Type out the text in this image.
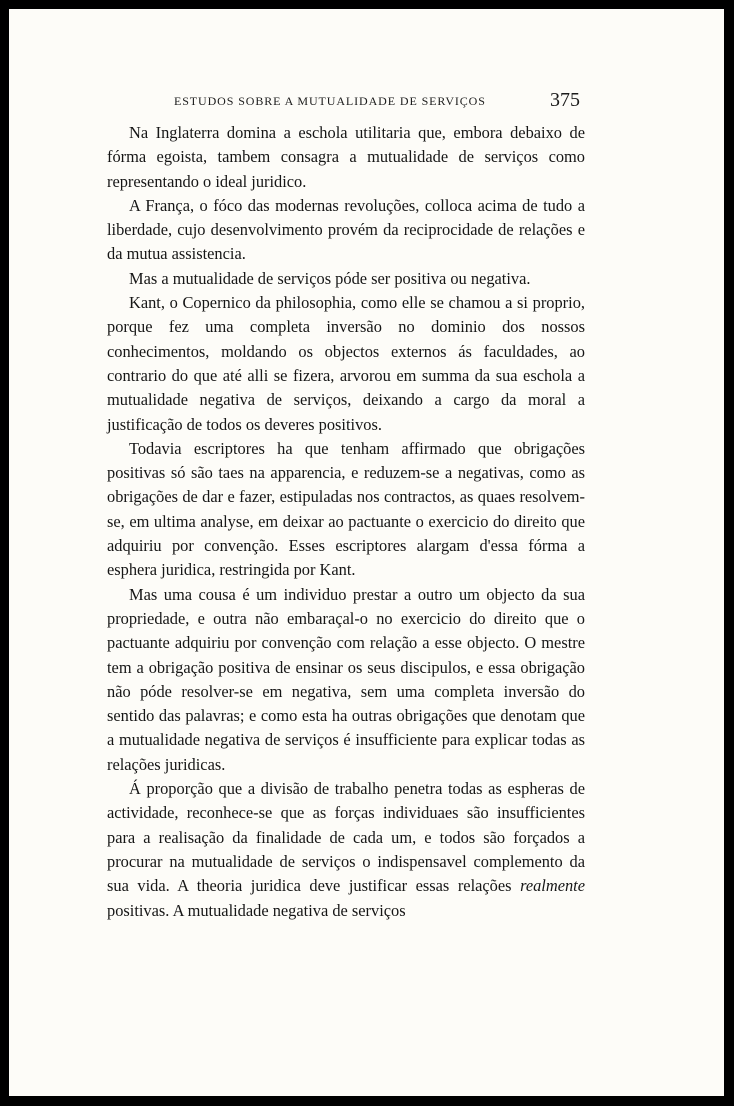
ESTUDOS SOBRE A MUTUALIDADE DE SERVIÇOS	375

Na Inglaterra domina a eschola utilitaria que, embora debaixo de fórma egoista, tambem consagra a mutualidade de serviços como representando o ideal juridico.

A França, o fóco das modernas revoluções, colloca acima de tudo a liberdade, cujo desenvolvimento provém da reciprocidade de relações e da mutua assistencia.

Mas a mutualidade de serviços póde ser positiva ou negativa.

Kant, o Copernico da philosophia, como elle se chamou a si proprio, porque fez uma completa inversão no dominio dos nossos conhecimentos, moldando os objectos externos ás faculdades, ao contrario do que até alli se fizera, arvorou em summa da sua eschola a mutualidade negativa de serviços, deixando a cargo da moral a justificação de todos os deveres positivos.

Todavia escriptores ha que tenham affirmado que obrigações positivas só são taes na apparencia, e reduzem-se a negativas, como as obrigações de dar e fazer, estipuladas nos contractos, as quaes resolvem-se, em ultima analyse, em deixar ao pactuante o exercicio do direito que adquiriu por convenção. Esses escriptores alargam d'essa fórma a esphera juridica, restringida por Kant.

Mas uma cousa é um individuo prestar a outro um objecto da sua propriedade, e outra não embaraçal-o no exercicio do direito que o pactuante adquiriu por convenção com relação a esse objecto. O mestre tem a obrigação positiva de ensinar os seus discipulos, e essa obrigação não póde resolver-se em negativa, sem uma completa inversão do sentido das palavras; e como esta ha outras obrigações que denotam que a mutualidade negativa de serviços é insufficiente para explicar todas as relações juridicas.

Á proporção que a divisão de trabalho penetra todas as espheras de actividade, reconhece-se que as forças individuaes são insufficientes para a realisação da finalidade de cada um, e todos são forçados a procurar na mutualidade de serviços o indispensavel complemento da sua vida. A theoria juridica deve justificar essas relações realmente positivas. A mutualidade negativa de serviços
